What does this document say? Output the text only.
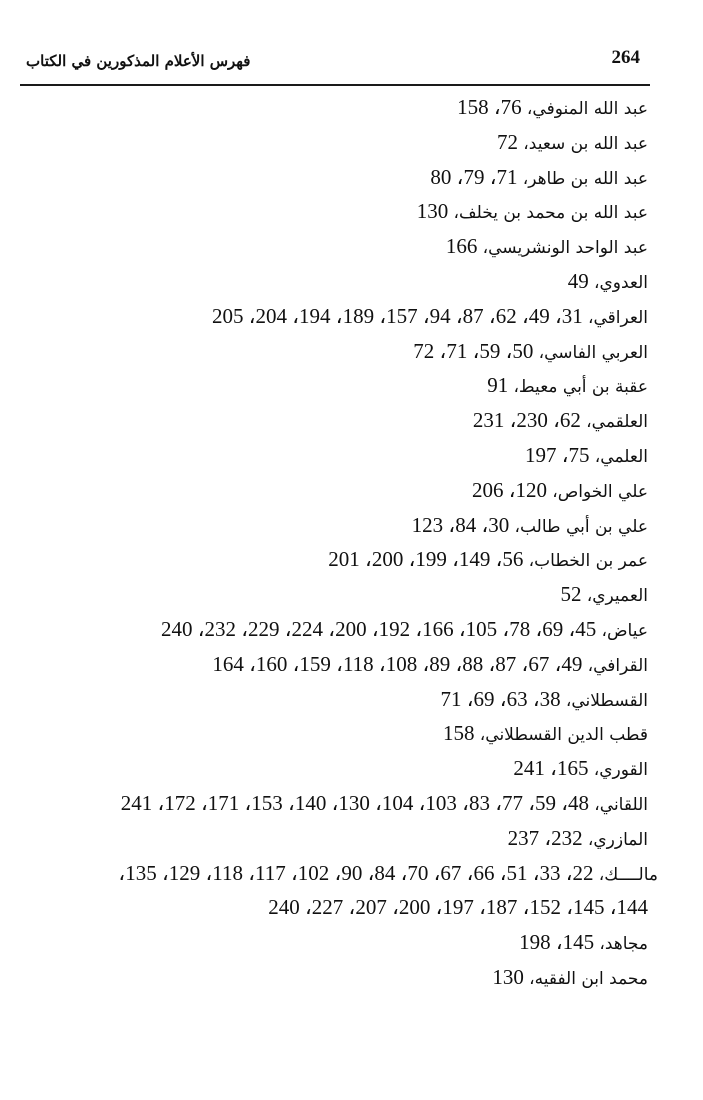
فهرس الأعلام المذكورين في الكتاب	264
عبد الله المنوفي، 76، 158
عبد الله بن سعيد، 72
عبد الله بن طاهر، 71، 79، 80
عبد الله بن محمد بن يخلف، 130
عبد الواحد الونشريسي، 166
العدوي، 49
العراقي، 31، 49، 62، 87، 94، 157، 189، 194، 204، 205
العربي الفاسي، 50، 59، 71، 72
عقبة بن أبي معيط، 91
العلقمي، 62، 230، 231
العلمي، 75، 197
علي الخواص، 120، 206
علي بن أبي طالب، 30، 84، 123
عمر بن الخطاب، 56، 149، 199، 200، 201
العميري، 52
عياض، 45، 69، 78، 105، 166، 192، 200، 224، 229، 232، 240
القرافي، 49، 67، 87، 88، 89، 108، 118، 159، 160، 164
القسطلاني، 38، 63، 69، 71
قطب الدين القسطلاني، 158
القوري، 165، 241
اللقاني، 48، 59، 77، 83، 103، 104، 130، 140، 153، 171، 172، 241
المازري، 232، 237
مالــــك، 22، 33، 51، 66، 67، 70، 84، 90، 102، 117، 118، 129، 135،
144، 145، 152، 187، 197، 200، 207، 227، 240
مجاهد، 145، 198
محمد ابن الفقيه، 130
